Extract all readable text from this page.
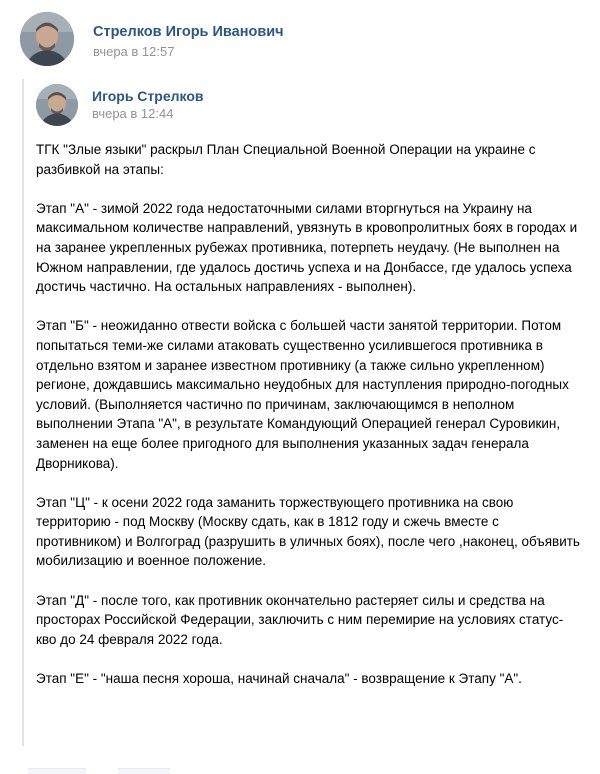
Стрелков Игорь Иванович
вчера в 12:57
Игорь Стрелков
вчера в 12:44

ТГК "Злые языки" раскрыл План Специальной Военной Операции на украине с разбивкой на этапы:

Этап "А" - зимой 2022 года недостаточными силами вторгнуться на Украину на максимальном количестве направлений, увязнуть в кровопролитных боях в городах и на заранее укрепленных рубежах противника, потерпеть неудачу. (Не выполнен на Южном направлении, где удалось достичь успеха и на Донбассе, где удалось успеха достичь частично. На остальных направлениях - выполнен).

Этап "Б" - неожиданно отвести войска с большей части занятой территории. Потом попытаться теми-же силами атаковать существенно усилившегося противника в отдельно взятом и заранее известном противнику (а также сильно укрепленном) регионе, дождавшись максимально неудобных для наступления природно-погодных условий. (Выполняется частично по причинам, заключающимся в неполном выполнении Этапа "А", в результате Командующий Операцией генерал Суровикин, заменен на еще более пригодного для выполнения указанных задач генерала Дворникова).

Этап "Ц" - к осени 2022 года заманить торжествующего противника на свою территорию - под Москву (Москву сдать, как в 1812 году и сжечь вместе с противником) и Волгоград (разрушить в уличных боях), после чего ,наконец, объявить мобилизацию и военное положение.

Этап "Д" - после того, как противник окончательно растеряет силы и средства на просторах Российской Федерации, заключить с ним перемирие на условиях статус-кво до 24 февраля 2022 года.

Этап "Е" - "наша песня хороша, начинай сначала" - возвращение к Этапу "А".
